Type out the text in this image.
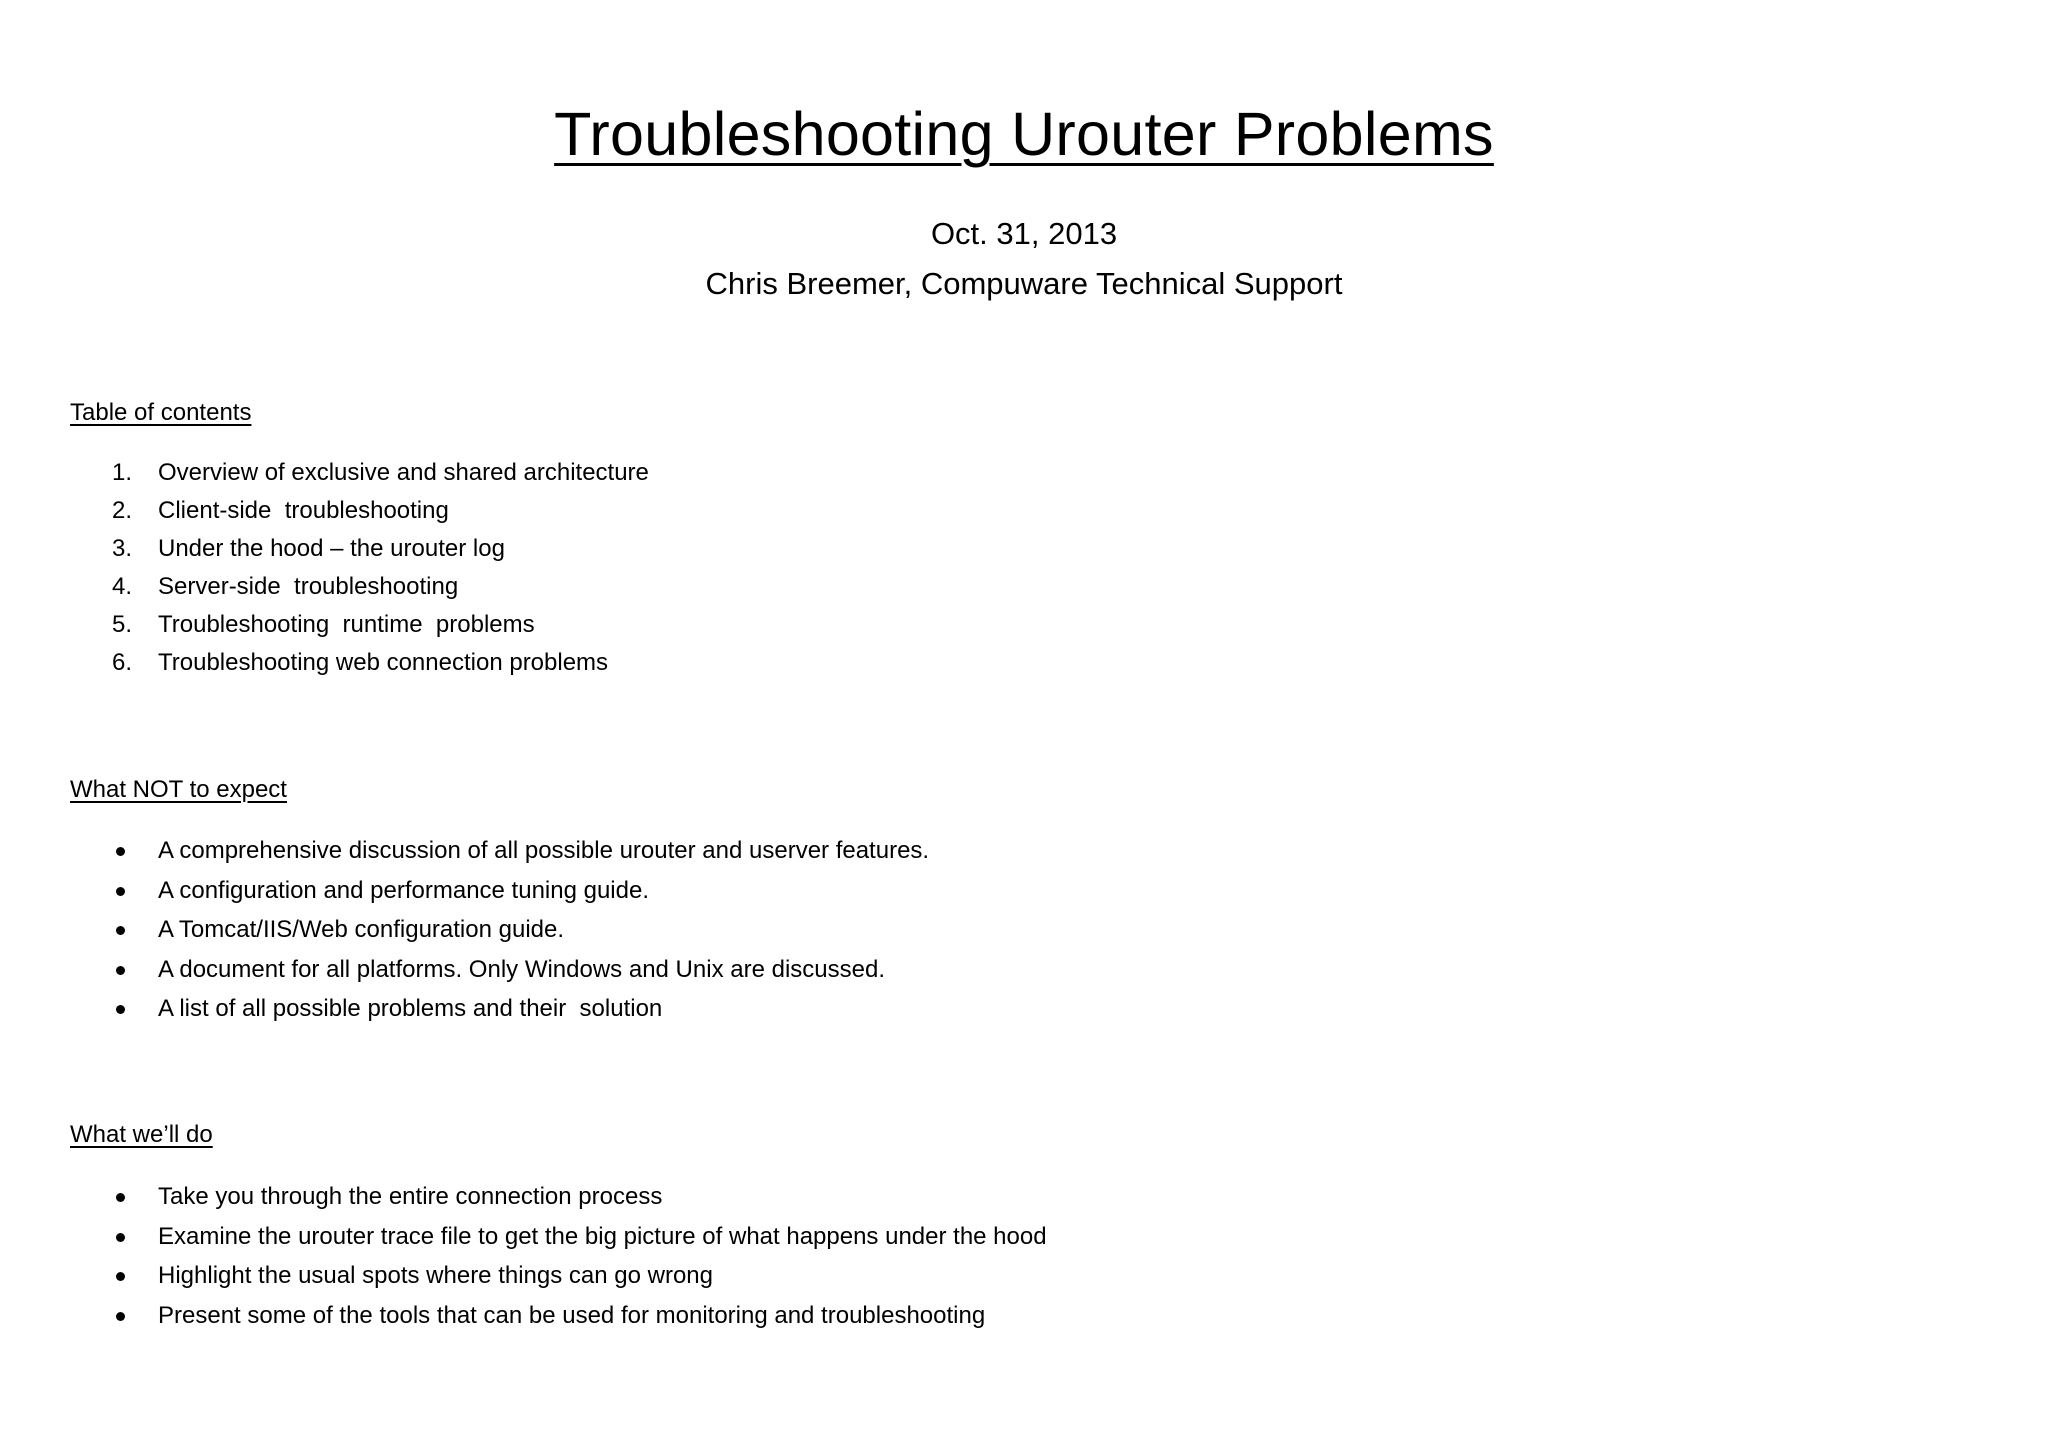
Troubleshooting Urouter Problems

Oct. 31, 2013

Chris Breemer, Compuware Technical Support

Table of contents
1. Overview of exclusive and shared architecture
2. Client-side  troubleshooting
3. Under the hood – the urouter log
4. Server-side  troubleshooting
5. Troubleshooting  runtime  problems
6. Troubleshooting web connection problems
What NOT to expect
A comprehensive discussion of all possible urouter and userver features.
A configuration and performance tuning guide.
A Tomcat/IIS/Web configuration guide.
A document for all platforms. Only Windows and Unix are discussed.
A list of all possible problems and their  solution
What we’ll do
Take you through the entire connection process
Examine the urouter trace file to get the big picture of what happens under the hood
Highlight the usual spots where things can go wrong
Present some of the tools that can be used for monitoring and troubleshooting
